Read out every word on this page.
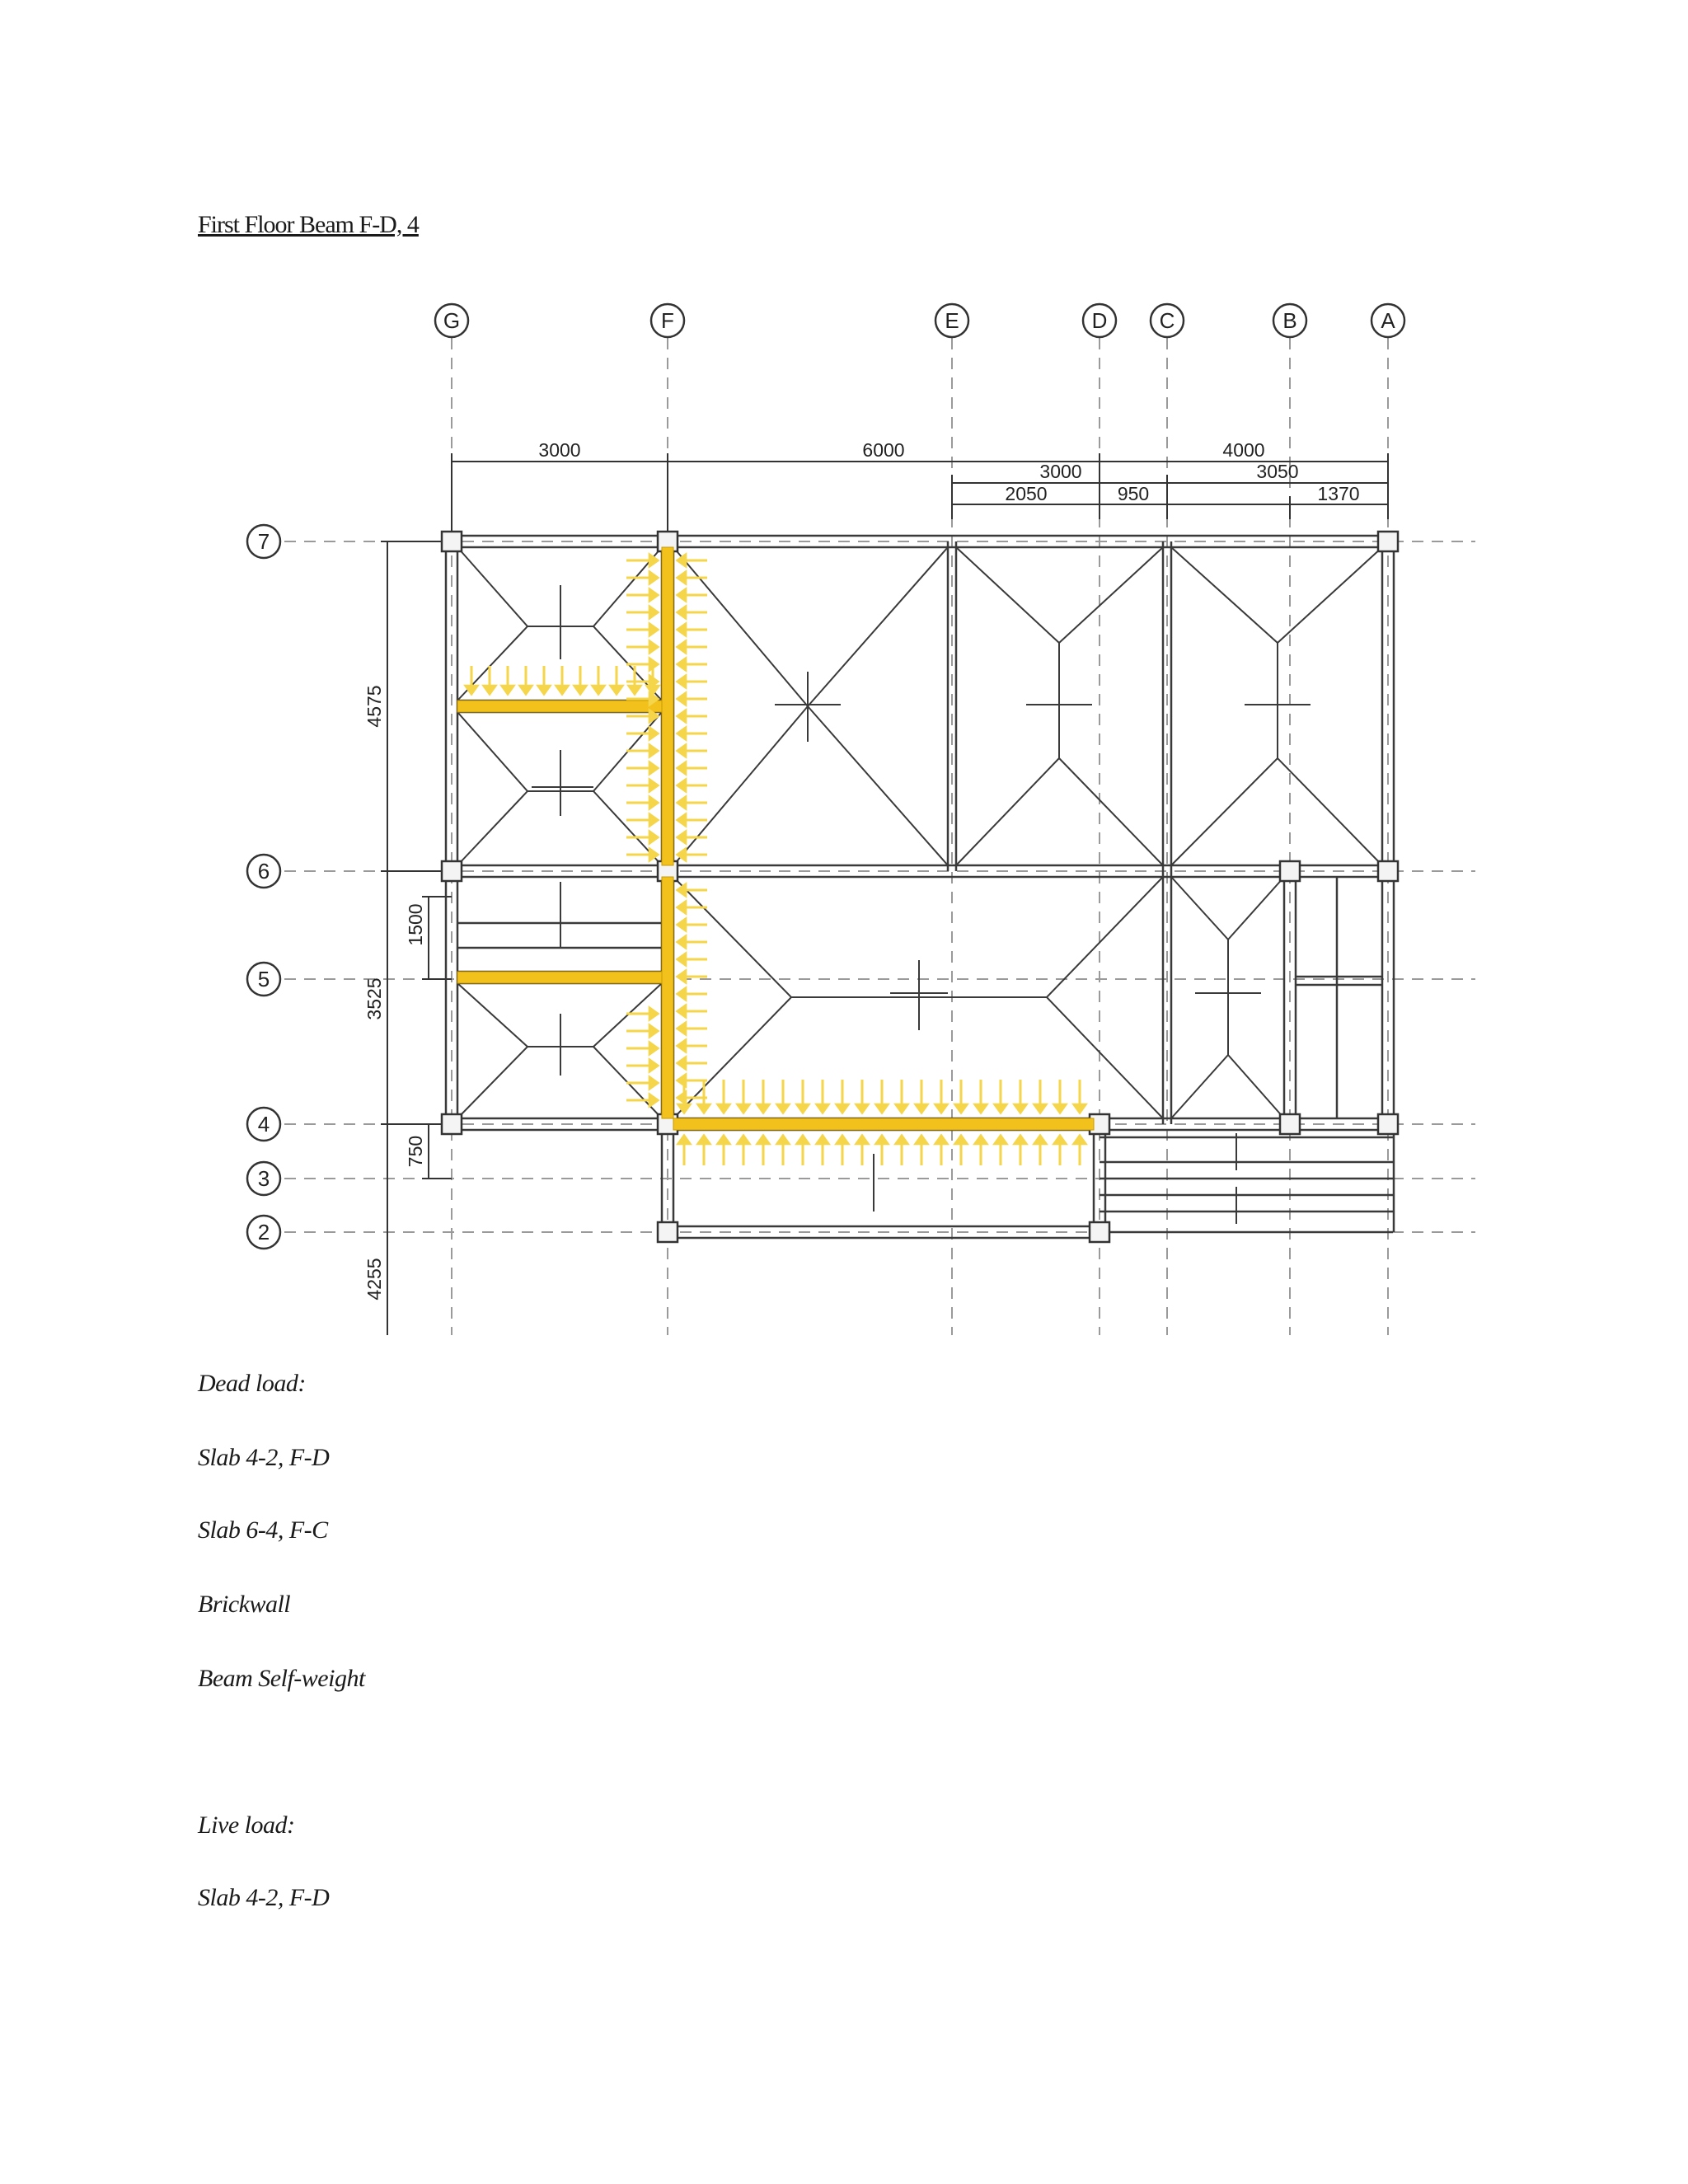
First Floor Beam F-D, 4
G	F	E	D C	B	A
7
6
5
4
3
2
3000	6000	4000
3000	3050
2050	950	1370
4575
1500
3525
750
4255
Dead load:
Slab 4-2, F-D
Slab 6-4, F-C
Brickwall
Beam Self-weight
Live load:
Slab 4-2, F-D
